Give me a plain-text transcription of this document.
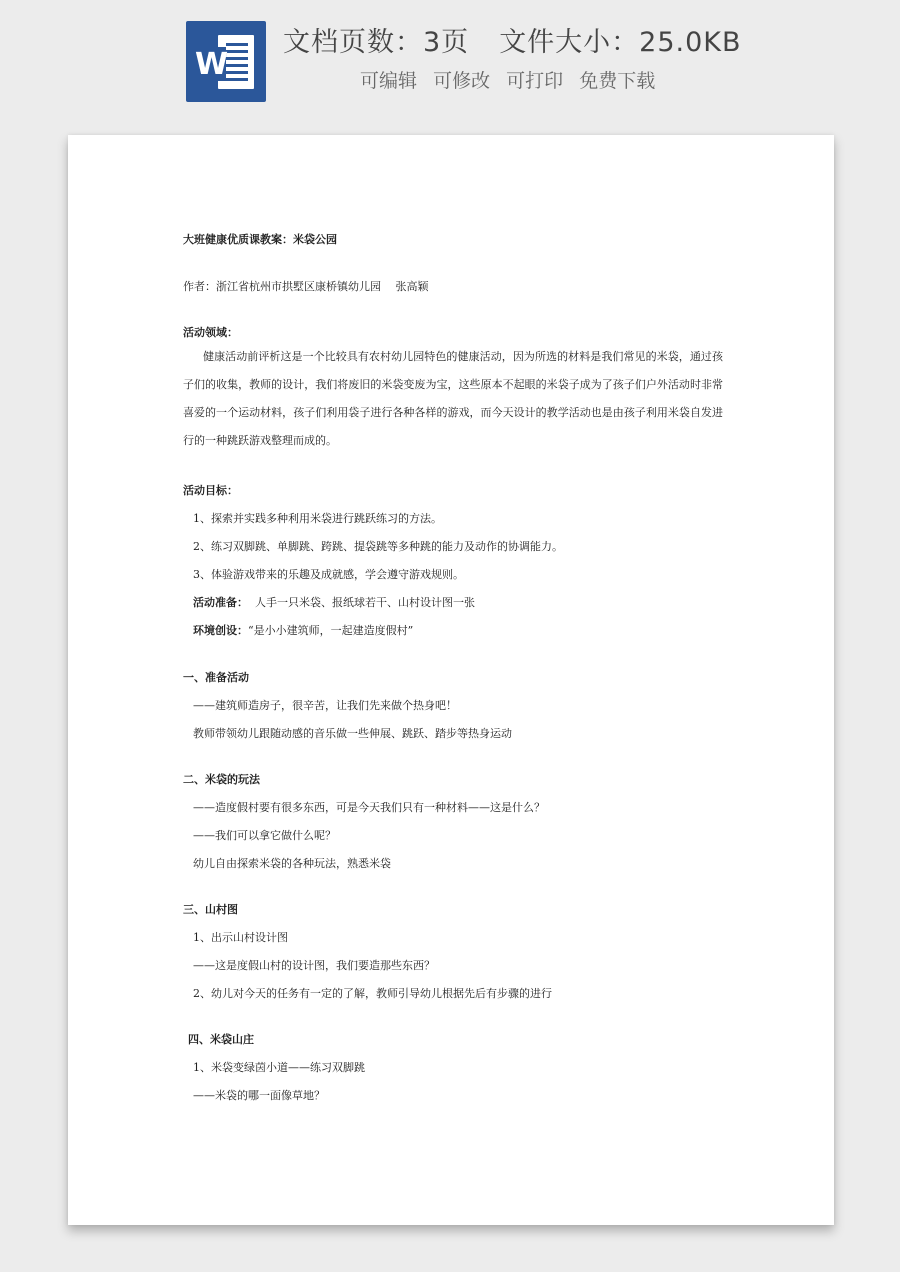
W
文档页数：3页 文件大小：25.0KB
可编辑 可修改 可打印 免费下载
大班健康优质课教案：米袋公园
作者：浙江省杭州市拱墅区康桥镇幼儿园　 张高颖
活动领域：
健康活动前评析这是一个比较具有农村幼儿园特色的健康活动，因为所选的材料是我们常见的米袋，通过孩子们的收集，教师的设计，我们将废旧的米袋变废为宝，这些原本不起眼的米袋子成为了孩子们户外活动时非常喜爱的一个运动材料，孩子们利用袋子进行各种各样的游戏，而今天设计的教学活动也是由孩子利用米袋自发进行的一种跳跃游戏整理而成的。
活动目标：
1、探索并实践多种利用米袋进行跳跃练习的方法。
2、练习双脚跳、单脚跳、跨跳、提袋跳等多种跳的能力及动作的协调能力。
3、体验游戏带来的乐趣及成就感，学会遵守游戏规则。
活动准备： 人手一只米袋、报纸球若干、山村设计图一张
环境创设：“是小小建筑师，一起建造度假村”
一、准备活动
——建筑师造房子，很辛苦，让我们先来做个热身吧！
教师带领幼儿跟随动感的音乐做一些伸展、跳跃、踏步等热身运动
二、米袋的玩法
——造度假村要有很多东西，可是今天我们只有一种材料——这是什么？
——我们可以拿它做什么呢？
幼儿自由探索米袋的各种玩法，熟悉米袋
三、山村图
1、出示山村设计图
——这是度假山村的设计图，我们要造那些东西？
2、幼儿对今天的任务有一定的了解，教师引导幼儿根据先后有步骤的进行
四、米袋山庄
1、米袋变绿茵小道——练习双脚跳
——米袋的哪一面像草地？
